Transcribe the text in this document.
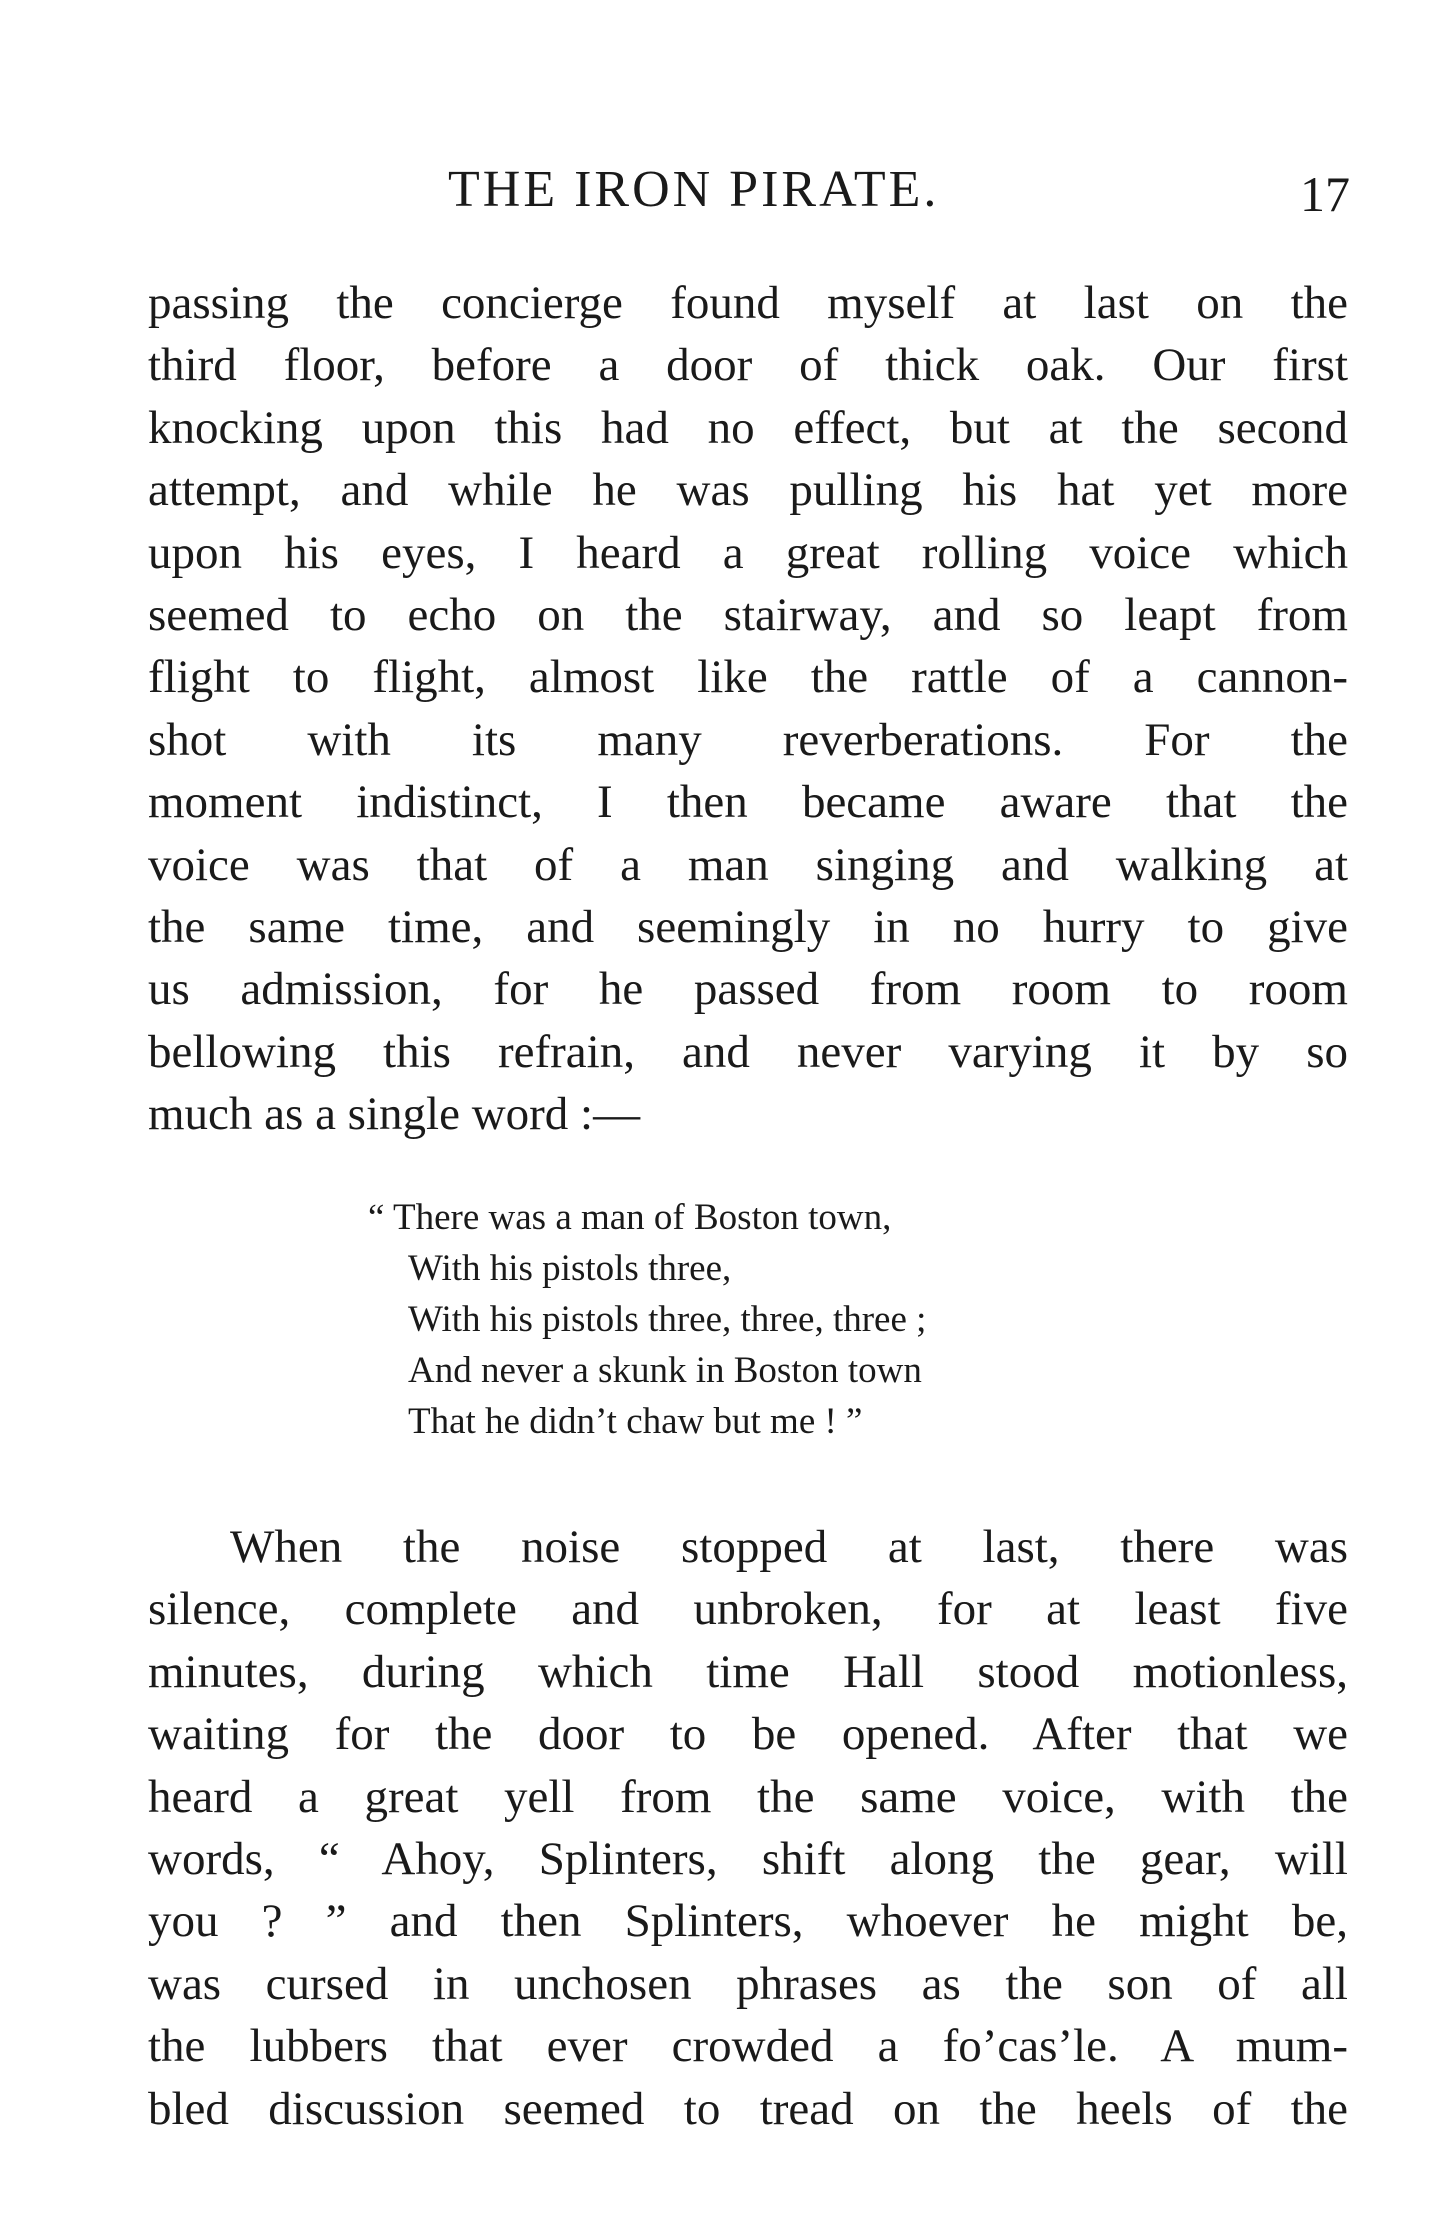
THE IRON PIRATE.	17
passing the concierge found myself at last on the
third floor, before a door of thick oak. Our first
knocking upon this had no effect, but at the second
attempt, and while he was pulling his hat yet more
upon his eyes, I heard a great rolling voice which
seemed to echo on the stairway, and so leapt from
flight to flight, almost like the rattle of a cannon-
shot with its many reverberations. For the
moment indistinct, I then became aware that the
voice was that of a man singing and walking at
the same time, and seemingly in no hurry to give
us admission, for he passed from room to room
bellowing this refrain, and never varying it by so
much as a single word :—
“ There was a man of Boston town,
With his pistols three,
With his pistols three, three, three ;
And never a skunk in Boston town
That he didn’t chaw but me ! ”
When the noise stopped at last, there was
silence, complete and unbroken, for at least five
minutes, during which time Hall stood motionless,
waiting for the door to be opened. After that we
heard a great yell from the same voice, with the
words, “ Ahoy, Splinters, shift along the gear, will
you ? ” and then Splinters, whoever he might be,
was cursed in unchosen phrases as the son of all
the lubbers that ever crowded a fo’cas’le. A mum-
bled discussion seemed to tread on the heels of the
